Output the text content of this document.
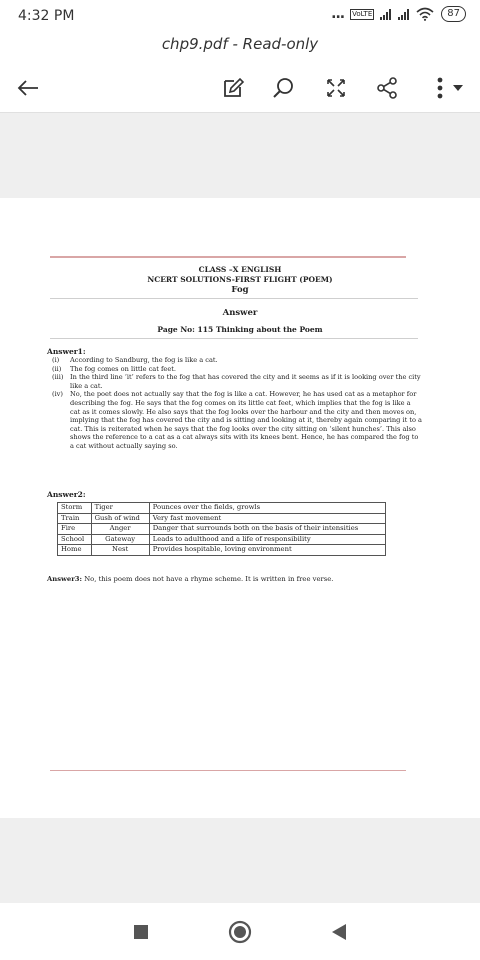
4:32 PM	... VoLTE	87
chp9.pdf - Read-only
CLASS –X ENGLISH
NCERT SOLUTIONS-FIRST FLIGHT (POEM)
Fog
Answer
Page No: 115 Thinking about the Poem
Answer1:
(i)	According to Sandburg, the fog is like a cat.
(ii)	The fog comes on little cat feet.
(iii) In the third line ‘it’ refers to the fog that has covered the city and it seems as if it is looking over the city like a cat.
(iv)	No, the poet does not actually say that the fog is like a cat. However, he has used cat as a metaphor for describing the fog. He says that the fog comes on its little cat feet, which implies that the fog is like a cat as it comes slowly. He also says that the fog looks over the harbour and the city and then moves on, implying that the fog has covered the city and is sitting and looking at it, thereby again comparing it to a cat. This is reiterated when he says that the fog looks over the city sitting on ‘silent hunches’. This also shows the reference to a cat as a cat always sits with its knees bent. Hence, he has compared the fog to a cat without actually saying so.
Answer2:
Storm	Tiger	Pounces over the fields, growls
Train	Gush of wind	Very fast movement
Fire	Anger	Danger that surrounds both on the basis of their intensities
School	Gateway	Leads to adulthood and a life of responsibility
Home	Nest	Provides hospitable, loving environment
Answer3: No, this poem does not have a rhyme scheme. It is written in free verse.
